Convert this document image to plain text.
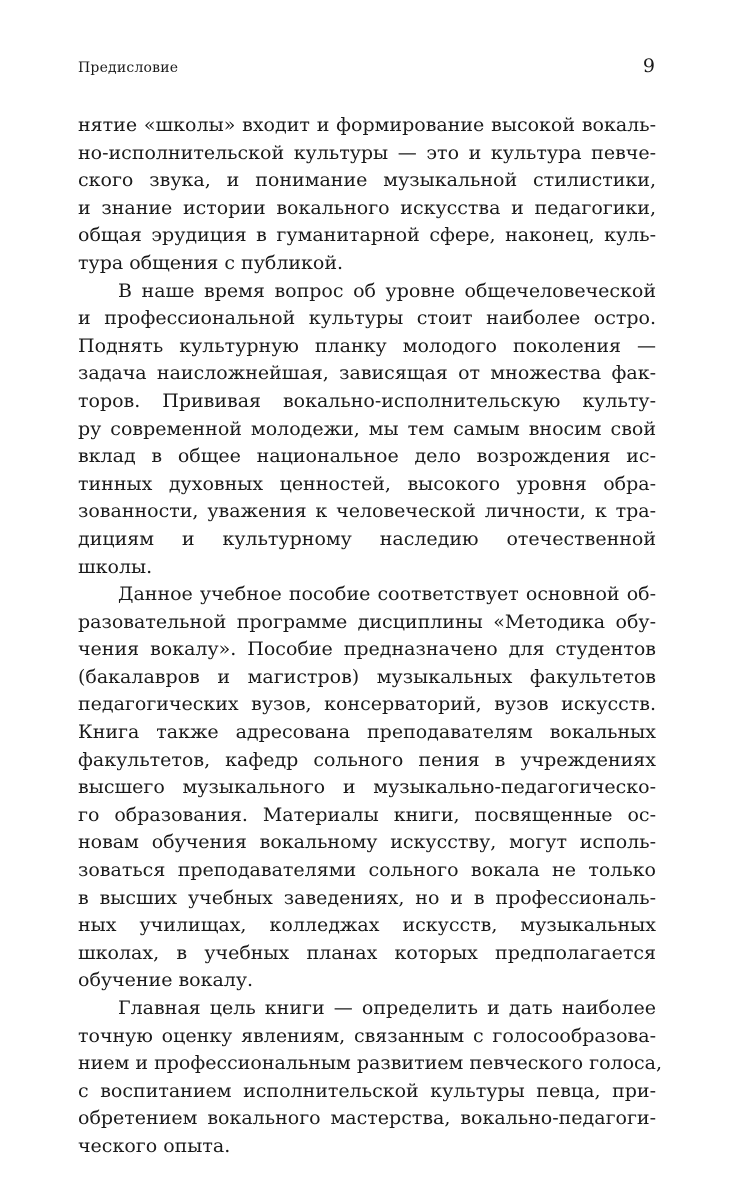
Предисловие	9
нятие «школы» входит и формирование высокой вокаль-
но-исполнительской культуры — это и культура певче-
ского звука, и понимание музыкальной стилистики,
и знание истории вокального искусства и педагогики,
общая эрудиция в гуманитарной сфере, наконец, куль-
тура общения с публикой.
В наше время вопрос об уровне общечеловеческой
и профессиональной культуры стоит наиболее остро.
Поднять культурную планку молодого поколения —
задача наисложнейшая, зависящая от множества фак-
торов. Прививая вокально-исполнительскую культу-
ру современной молодежи, мы тем самым вносим свой
вклад в общее национальное дело возрождения ис-
тинных духовных ценностей, высокого уровня обра-
зованности, уважения к человеческой личности, к тра-
дициям и культурному наследию отечественной
школы.
Данное учебное пособие соответствует основной об-
разовательной программе дисциплины «Методика обу-
чения вокалу». Пособие предназначено для студентов
(бакалавров и магистров) музыкальных факультетов
педагогических вузов, консерваторий, вузов искусств.
Книга также адресована преподавателям вокальных
факультетов, кафедр сольного пения в учреждениях
высшего музыкального и музыкально-педагогическо-
го образования. Материалы книги, посвященные ос-
новам обучения вокальному искусству, могут исполь-
зоваться преподавателями сольного вокала не только
в высших учебных заведениях, но и в профессиональ-
ных училищах, колледжах искусств, музыкальных
школах, в учебных планах которых предполагается
обучение вокалу.
Главная цель книги — определить и дать наиболее
точную оценку явлениям, связанным с голосообразова-
нием и профессиональным развитием певческого голоса,
с воспитанием исполнительской культуры певца, при-
обретением вокального мастерства, вокально-педагоги-
ческого опыта.
